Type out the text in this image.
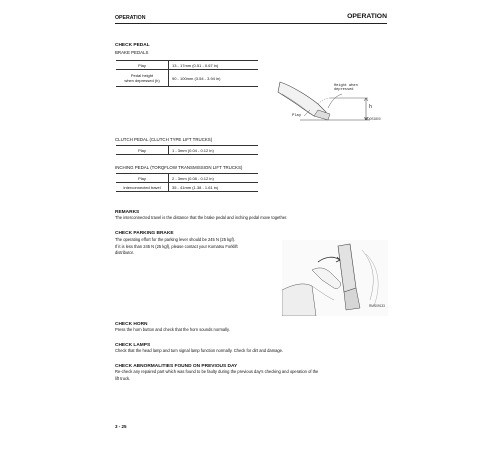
OPERATION	OPERATION
CHECK PEDAL
BRAKE PEDALS
Play	13 - 17mm (0.51 - 0.67 in)

Pedal height
when depressed (h)	90 - 100mm (3.54 - 3.94 in)
Height when depressed
h
Play
RD0S1800
CLUTCH PEDAL (CLUTCH TYPE LIFT TRUCKS)
Play	1 - 3mm (0.04 - 0.12 in)
INCHING PEDAL (TORQFLOW TRANSMISSION LIFT TRUCKS)
Play	2 - 3mm (0.08 - 0.12 in)
Interconnected travel	35 - 41mm (1.38 - 1.61 in)
REMARKS
The interconnected travel is the distance that the brake pedal and inching pedal move together.
CHECK PARKING BRAKE
The operating effort for the parking lever should be 245 N (25 kgf).
If it is less than 245 N (25 kgf), please contact your Komatsu Forklift
distributor.
RMS09133
CHECK HORN
Press the horn button and check that the horn sounds normally.
CHECK LAMPS
Check that the head lamp and turn signal lamp function normally. Check for dirt and damage.
CHECK ABNORMALITIES FOUND ON PREVIOUS DAY
Re-check any repaired part which was found to be faulty during the previous day's checking and operation of the
lift truck.
3 - 25
